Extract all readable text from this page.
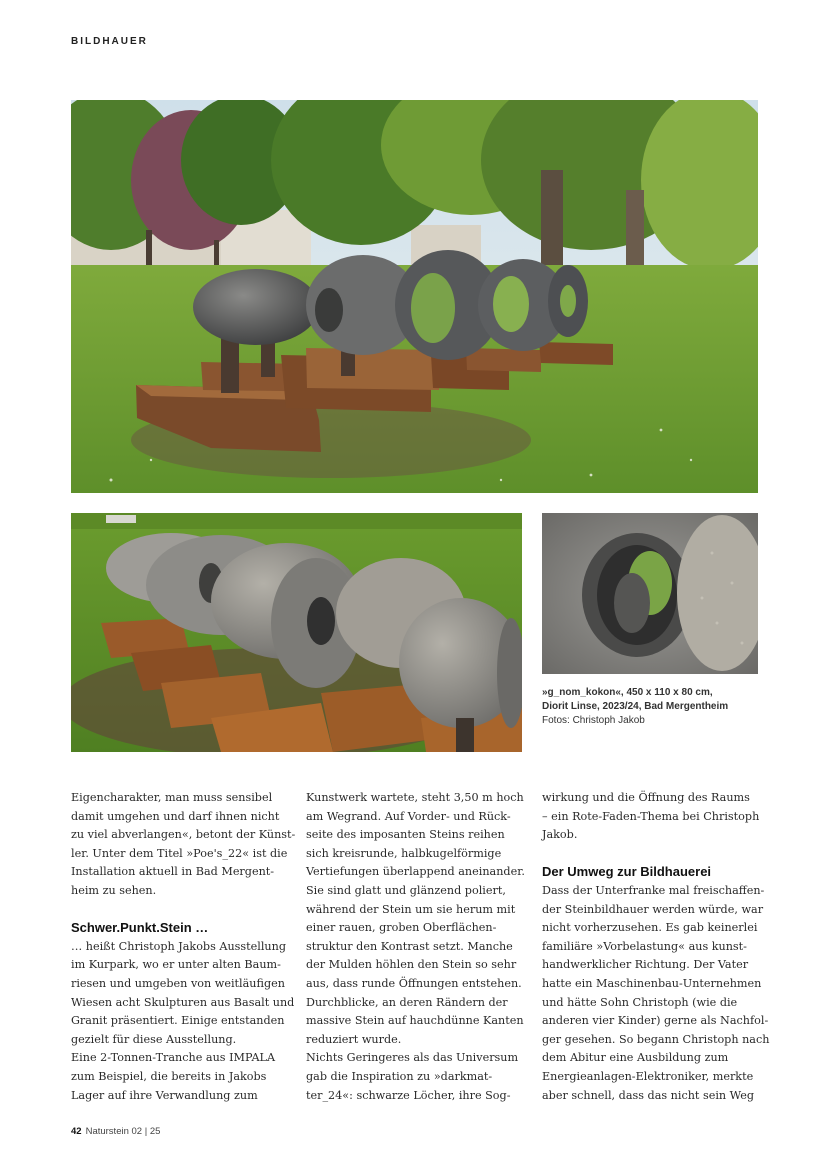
BILDHAUER
»g_nom_kokon«, 450 x 110 x 80 cm,
Diorit Linse, 2023/24, Bad Mergentheim
Fotos: Christoph Jakob

Eigencharakter, man muss sensibel
damit umgehen und darf ihnen nicht
zu viel abverlangen«, betont der Künst-
ler. Unter dem Titel »Poe's_22« ist die
Installation aktuell in Bad Mergent-
heim zu sehen.

Schwer.Punkt.Stein …

… heißt Christoph Jakobs Ausstellung
im Kurpark, wo er unter alten Baum-
riesen und umgeben von weitläufigen
Wiesen acht Skulpturen aus Basalt und
Granit präsentiert. Einige entstanden
gezielt für diese Ausstellung.
Eine 2-Tonnen-Tranche aus IMPALA
zum Beispiel, die bereits in Jakobs
Lager auf ihre Verwandlung zum

Kunstwerk wartete, steht 3,50 m hoch
am Wegrand. Auf Vorder- und Rück-
seite des imposanten Steins reihen
sich kreisrunde, halbkugelförmige
Vertiefungen überlappend aneinander.
Sie sind glatt und glänzend poliert,
während der Stein um sie herum mit
einer rauen, groben Oberflächen-
struktur den Kontrast setzt. Manche
der Mulden höhlen den Stein so sehr
aus, dass runde Öffnungen entstehen.
Durchblicke, an deren Rändern der
massive Stein auf hauchdünne Kanten
reduziert wurde.
Nichts Geringeres als das Universum
gab die Inspiration zu »darkmat-
ter_24«: schwarze Löcher, ihre Sog-

wirkung und die Öffnung des Raums
– ein Rote-Faden-Thema bei Christoph
Jakob.

Der Umweg zur Bildhauerei

Dass der Unterfranke mal freischaffen-
der Steinbildhauer werden würde, war
nicht vorherzusehen. Es gab keinerlei
familiäre »Vorbelastung« aus kunst-
handwerklicher Richtung. Der Vater
hatte ein Maschinenbau-Unternehmen
und hätte Sohn Christoph (wie die
anderen vier Kinder) gerne als Nachfol-
ger gesehen. So begann Christoph nach
dem Abitur eine Ausbildung zum
Energieanlagen-Elektroniker, merkte
aber schnell, dass das nicht sein Weg

42 Naturstein 02 | 25
